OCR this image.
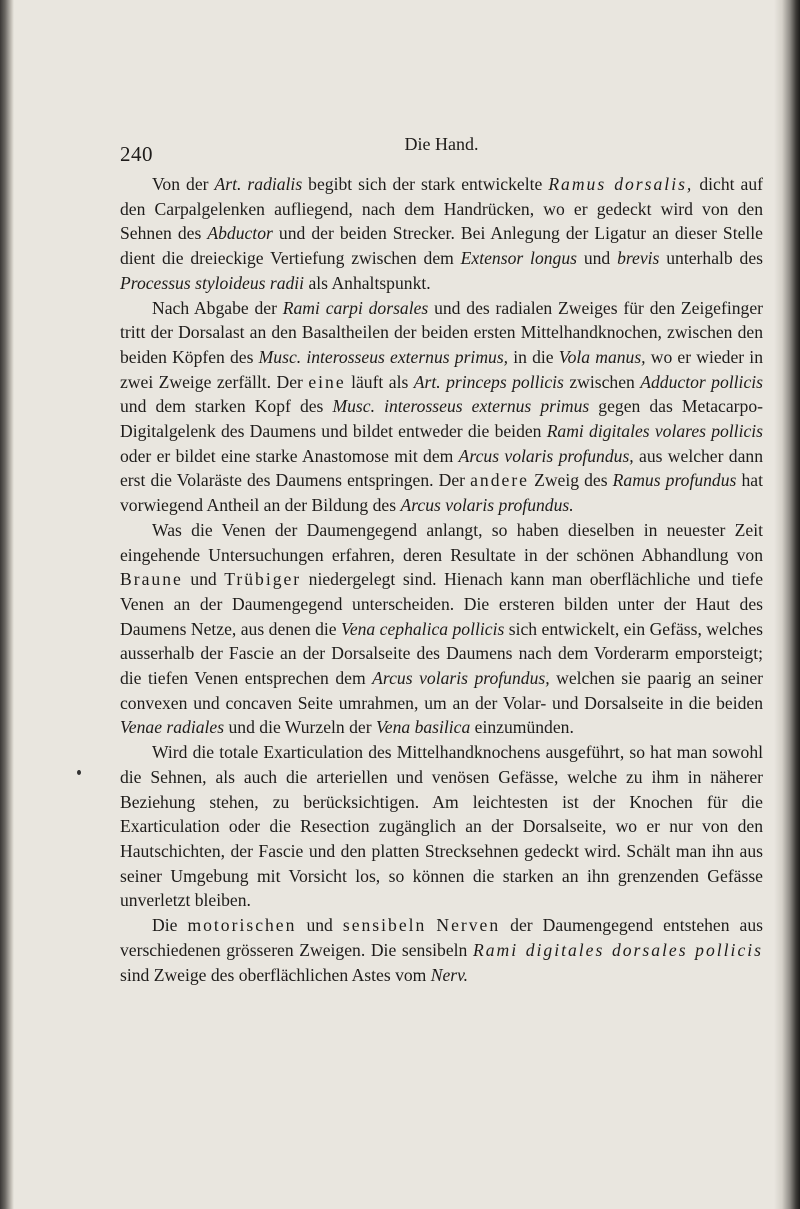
240	Die Hand.

Von der Art. radialis begibt sich der stark entwickelte Ramus dorsalis, dicht auf den Carpalgelenken aufliegend, nach dem Handrücken, wo er gedeckt wird von den Sehnen des Abductor und der beiden Strecker. Bei Anlegung der Ligatur an dieser Stelle dient die dreieckige Vertiefung zwischen dem Extensor longus und brevis unterhalb des Processus styloideus radii als Anhaltspunkt.

Nach Abgabe der Rami carpi dorsales und des radialen Zweiges für den Zeigefinger tritt der Dorsalast an den Basaltheilen der beiden ersten Mittelhandknochen, zwischen den beiden Köpfen des Musc. interosseus externus primus, in die Vola manus, wo er wieder in zwei Zweige zerfällt. Der eine läuft als Art. princeps pollicis zwischen Adductor pollicis und dem starken Kopf des Musc. interosseus externus primus gegen das Metacarpo-Digitalgelenk des Daumens und bildet entweder die beiden Rami digitales volares pollicis oder er bildet eine starke Anastomose mit dem Arcus volaris profundus, aus welcher dann erst die Volaräste des Daumens entspringen. Der andere Zweig des Ramus profundus hat vorwiegend Antheil an der Bildung des Arcus volaris profundus.

Was die Venen der Daumengegend anlangt, so haben dieselben in neuester Zeit eingehende Untersuchungen erfahren, deren Resultate in der schönen Abhandlung von Braune und Trübiger niedergelegt sind. Hienach kann man oberflächliche und tiefe Venen an der Daumengegend unterscheiden. Die ersteren bilden unter der Haut des Daumens Netze, aus denen die Vena cephalica pollicis sich entwickelt, ein Gefäss, welches ausserhalb der Fascie an der Dorsalseite des Daumens nach dem Vorderarm emporsteigt; die tiefen Venen entsprechen dem Arcus volaris profundus, welchen sie paarig an seiner convexen und concaven Seite umrahmen, um an der Volar- und Dorsalseite in die beiden Venae radiales und die Wurzeln der Vena basilica einzumünden.

Wird die totale Exarticulation des Mittelhandknochens ausgeführt, so hat man sowohl die Sehnen, als auch die arteriellen und venösen Gefässe, welche zu ihm in näherer Beziehung stehen, zu berücksichtigen. Am leichtesten ist der Knochen für die Exarticulation oder die Resection zugänglich an der Dorsalseite, wo er nur von den Hautschichten, der Fascie und den platten Strecksehnen gedeckt wird. Schält man ihn aus seiner Umgebung mit Vorsicht los, so können die starken an ihn grenzenden Gefässe unverletzt bleiben.

Die motorischen und sensibeln Nerven der Daumengegend entstehen aus verschiedenen grösseren Zweigen. Die sensibeln Rami digitales dorsales pollicis sind Zweige des oberflächlichen Astes vom Nerv.
